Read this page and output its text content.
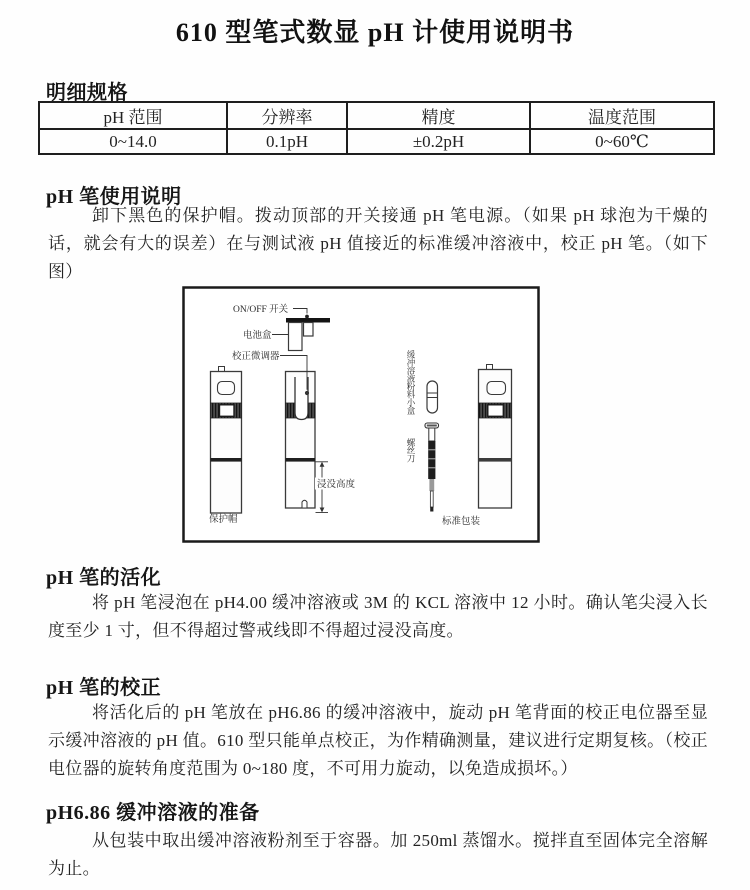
610 型笔式数显 pH 计使用说明书
明细规格
pH 范围	分辨率	精度	温度范围
0~14.0	0.1pH	±0.2pH	0~60℃
pH 笔使用说明

卸下黑色的保护帽。拨动顶部的开关接通 pH 笔电源。（如果 pH 球泡为干燥的话，就会有大的误差）在与测试液 pH 值接近的标准缓冲溶液中，校正 pH 笔。（如下图）

ON/OFF 开关
电池盒
校正微调器
浸没高度
缓冲溶液粉料小盒
螺丝刀
保护帽	标准包装
pH 笔的活化

将 pH 笔浸泡在 pH4.00 缓冲溶液或 3M 的 KCL 溶液中 12 小时。确认笔尖浸入长度至少 1 寸，但不得超过警戒线即不得超过浸没高度。

pH 笔的校正

将活化后的 pH 笔放在 pH6.86 的缓冲溶液中，旋动 pH 笔背面的校正电位器至显示缓冲溶液的 pH 值。610 型只能单点校正，为作精确测量，建议进行定期复核。（校正电位器的旋转角度范围为 0~180 度，不可用力旋动，以免造成损坏。）

pH6.86 缓冲溶液的准备

从包装中取出缓冲溶液粉剂至于容器。加 250ml 蒸馏水。搅拌直至固体完全溶解为止。
